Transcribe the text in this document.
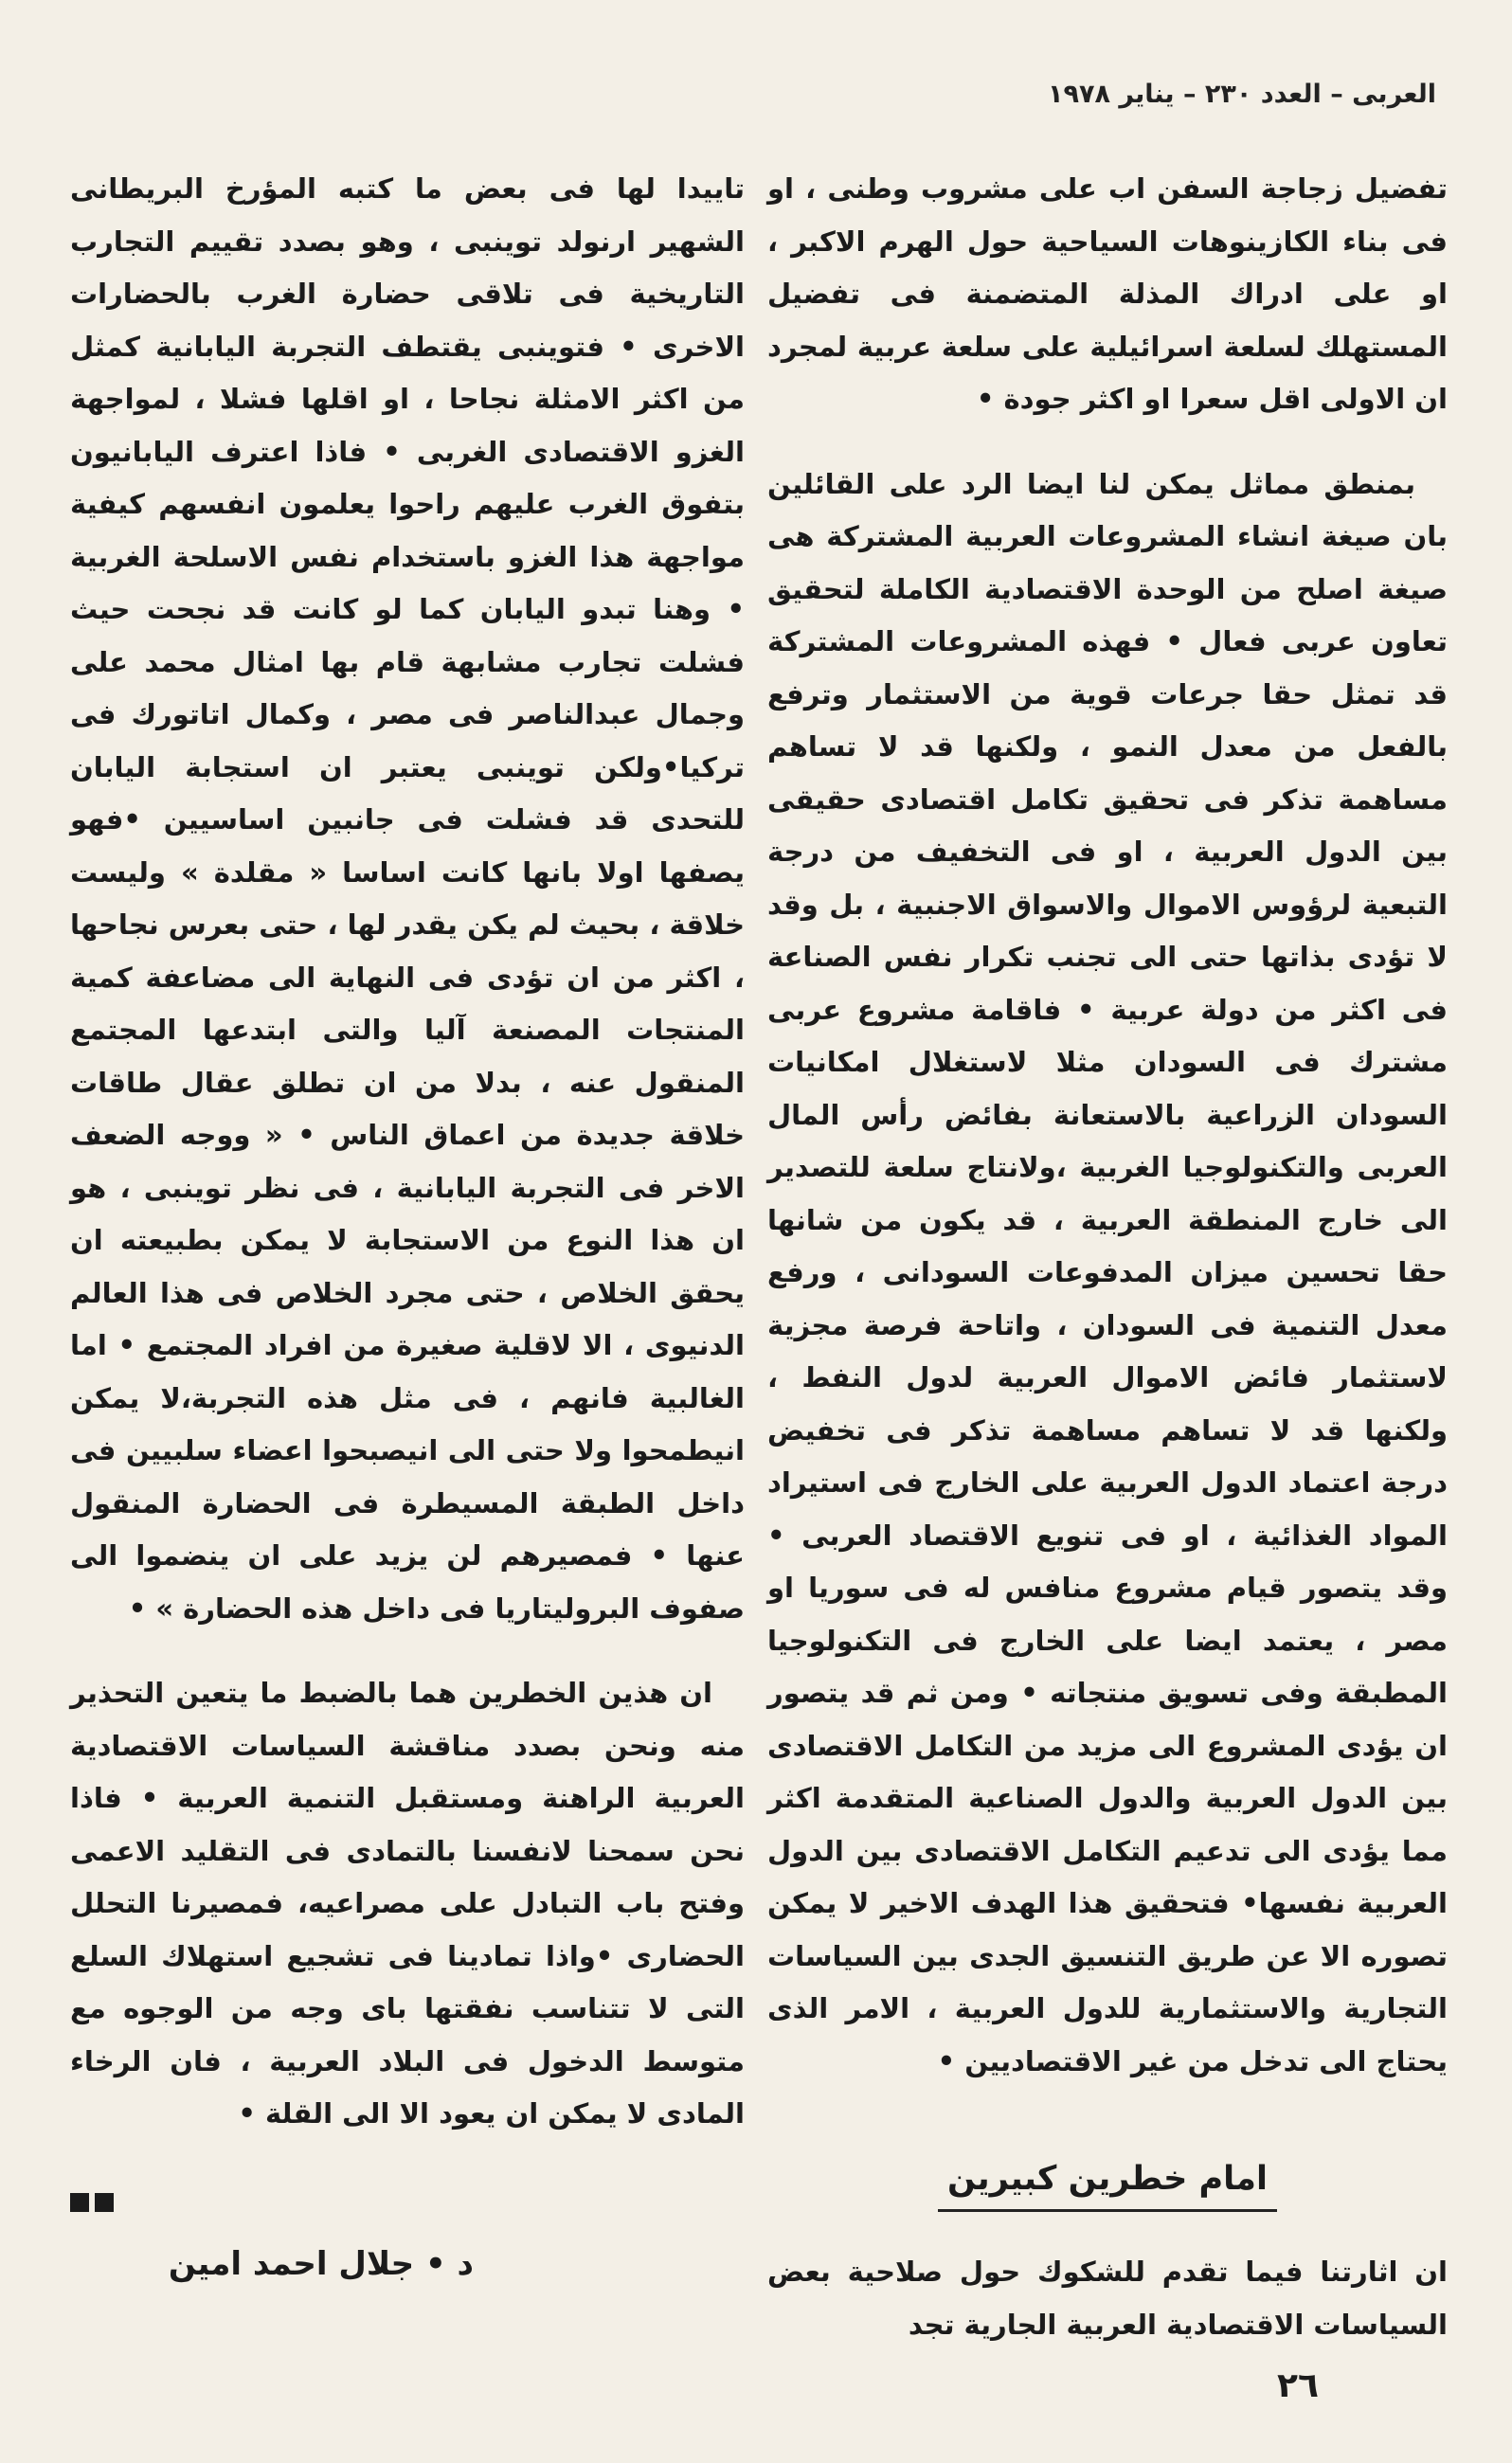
العربى – العدد ٢٣٠ – يناير ١٩٧٨

تفضيل زجاجة السفن اب على مشروب وطنى ، او فى بناء الكازينوهات السياحية حول الهرم الاكبر ، او على ادراك المذلة المتضمنة فى تفضيل المستهلك لسلعة اسرائيلية على سلعة عربية لمجرد ان الاولى اقل سعرا او اكثر جودة •

بمنطق مماثل يمكن لنا ايضا الرد على القائلين بان صيغة انشاء المشروعات العربية المشتركة هى صيغة اصلح من الوحدة الاقتصادية الكاملة لتحقيق تعاون عربى فعال • فهذه المشروعات المشتركة قد تمثل حقا جرعات قوية من الاستثمار وترفع بالفعل من معدل النمو ، ولكنها قد لا تساهم مساهمة تذكر فى تحقيق تكامل اقتصادى حقيقى بين الدول العربية ، او فى التخفيف من درجة التبعية لرؤوس الاموال والاسواق الاجنبية ، بل وقد لا تؤدى بذاتها حتى الى تجنب تكرار نفس الصناعة فى اكثر من دولة عربية • فاقامة مشروع عربى مشترك فى السودان مثلا لاستغلال امكانيات السودان الزراعية بالاستعانة بفائض رأس المال العربى والتكنولوجيا الغربية ،ولانتاج سلعة للتصدير الى خارج المنطقة العربية ، قد يكون من شانها حقا تحسين ميزان المدفوعات السودانى ، ورفع معدل التنمية فى السودان ، واتاحة فرصة مجزية لاستثمار فائض الاموال العربية لدول النفط ، ولكنها قد لا تساهم مساهمة تذكر فى تخفيض درجة اعتماد الدول العربية على الخارج فى استيراد المواد الغذائية ، او فى تنويع الاقتصاد العربى • وقد يتصور قيام مشروع منافس له فى سوريا او مصر ، يعتمد ايضا على الخارج فى التكنولوجيا المطبقة وفى تسويق منتجاته • ومن ثم قد يتصور ان يؤدى المشروع الى مزيد من التكامل الاقتصادى بين الدول العربية والدول الصناعية المتقدمة اكثر مما يؤدى الى تدعيم التكامل الاقتصادى بين الدول العربية نفسها• فتحقيق هذا الهدف الاخير لا يمكن تصوره الا عن طريق التنسيق الجدى بين السياسات التجارية والاستثمارية للدول العربية ، الامر الذى يحتاج الى تدخل من غير الاقتصاديين •

امام خطرين كبيرين

ان اثارتنا فيما تقدم للشكوك حول صلاحية بعض السياسات الاقتصادية العربية الجارية تجد

تاييدا لها فى بعض ما كتبه المؤرخ البريطانى الشهير ارنولد توينبى ، وهو بصدد تقييم التجارب التاريخية فى تلاقى حضارة الغرب بالحضارات الاخرى • فتوينبى يقتطف التجربة اليابانية كمثل من اكثر الامثلة نجاحا ، او اقلها فشلا ، لمواجهة الغزو الاقتصادى الغربى • فاذا اعترف اليابانيون بتفوق الغرب عليهم راحوا يعلمون انفسهم كيفية مواجهة هذا الغزو باستخدام نفس الاسلحة الغربية • وهنا تبدو اليابان كما لو كانت قد نجحت حيث فشلت تجارب مشابهة قام بها امثال محمد على وجمال عبدالناصر فى مصر ، وكمال اتاتورك فى تركيا•ولكن توينبى يعتبر ان استجابة اليابان للتحدى قد فشلت فى جانبين اساسيين •فهو يصفها اولا بانها كانت اساسا « مقلدة » وليست خلاقة ، بحيث لم يكن يقدر لها ، حتى بعرس نجاحها ، اكثر من ان تؤدى فى النهاية الى مضاعفة كمية المنتجات المصنعة آليا والتى ابتدعها المجتمع المنقول عنه ، بدلا من ان تطلق عقال طاقات خلاقة جديدة من اعماق الناس • « ووجه الضعف الاخر فى التجربة اليابانية ، فى نظر توينبى ، هو ان هذا النوع من الاستجابة لا يمكن بطبيعته ان يحقق الخلاص ، حتى مجرد الخلاص فى هذا العالم الدنيوى ، الا لاقلية صغيرة من افراد المجتمع • اما الغالبية فانهم ، فى مثل هذه التجربة،لا يمكن انيطمحوا ولا حتى الى انيصبحوا اعضاء سلبيين فى داخل الطبقة المسيطرة فى الحضارة المنقول عنها • فمصيرهم لن يزيد على ان ينضموا الى صفوف البروليتاريا فى داخل هذه الحضارة » •

ان هذين الخطرين هما بالضبط ما يتعين التحذير منه ونحن بصدد مناقشة السياسات الاقتصادية العربية الراهنة ومستقبل التنمية العربية • فاذا نحن سمحنا لانفسنا بالتمادى فى التقليد الاعمى وفتح باب التبادل على مصراعيه، فمصيرنا التحلل الحضارى •واذا تمادينا فى تشجيع استهلاك السلع التى لا تتناسب نفقتها باى وجه من الوجوه مع متوسط الدخول فى البلاد العربية ، فان الرخاء المادى لا يمكن ان يعود الا الى القلة •

د • جلال احمد امين
٢٦
